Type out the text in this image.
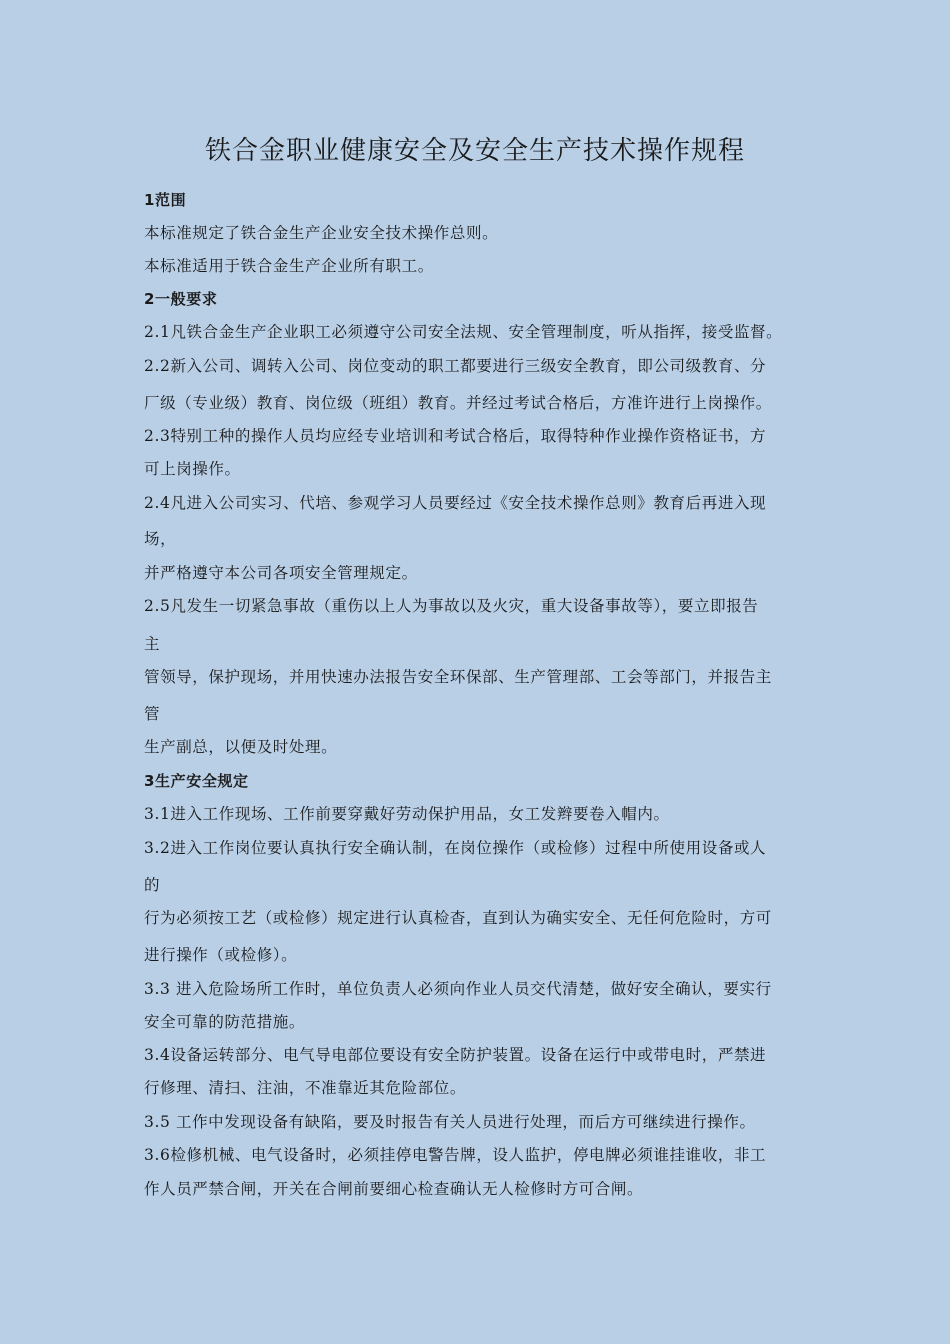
铁合金职业健康安全及安全生产技术操作规程
1范围
本标准规定了铁合金生产企业安全技术操作总则。
本标准适用于铁合金生产企业所有职工。
2一般要求
2.1凡铁合金生产企业职工必须遵守公司安全法规、安全管理制度，听从指挥，接受监督。
2.2新入公司、调转入公司、岗位变动的职工都要进行三级安全教育，即公司级教育、分
厂级（专业级）教育、岗位级（班组）教育。并经过考试合格后，方准许进行上岗操作。
2.3特别工种的操作人员均应经专业培训和考试合格后，取得特种作业操作资格证书，方
可上岗操作。
2.4凡进入公司实习、代培、参观学习人员要经过《安全技术操作总则》教育后再进入现
场，
并严格遵守本公司各项安全管理规定。
2.5凡发生一切紧急事故（重伤以上人为事故以及火灾，重大设备事故等），要立即报告
主
管领导，保护现场，并用快速办法报告安全环保部、生产管理部、工会等部门，并报告主
管
生产副总，以便及时处理。
3生产安全规定
3.1进入工作现场、工作前要穿戴好劳动保护用品，女工发辫要卷入帽内。
3.2进入工作岗位要认真执行安全确认制，在岗位操作（或检修）过程中所使用设备或人
的
行为必须按工艺（或检修）规定进行认真检杳，直到认为确实安全、无任何危险时，方可
进行操作（或检修）。
3.3 进入危险场所工作时，单位负责人必须向作业人员交代清楚，做好安全确认，要实行
安全可靠的防范措施。
3.4设备运转部分、电气导电部位要设有安全防护装置。设备在运行中或带电时，严禁进
行修理、清扫、注油，不准靠近其危险部位。
3.5 工作中发现设备有缺陷，要及时报告有关人员进行处理，而后方可继续进行操作。
3.6检修机械、电气设备时，必须挂停电警告牌，设人监护，停电牌必须谁挂谁收，非工
作人员严禁合闸，开关在合闸前要细心检查确认无人检修时方可合闸。
